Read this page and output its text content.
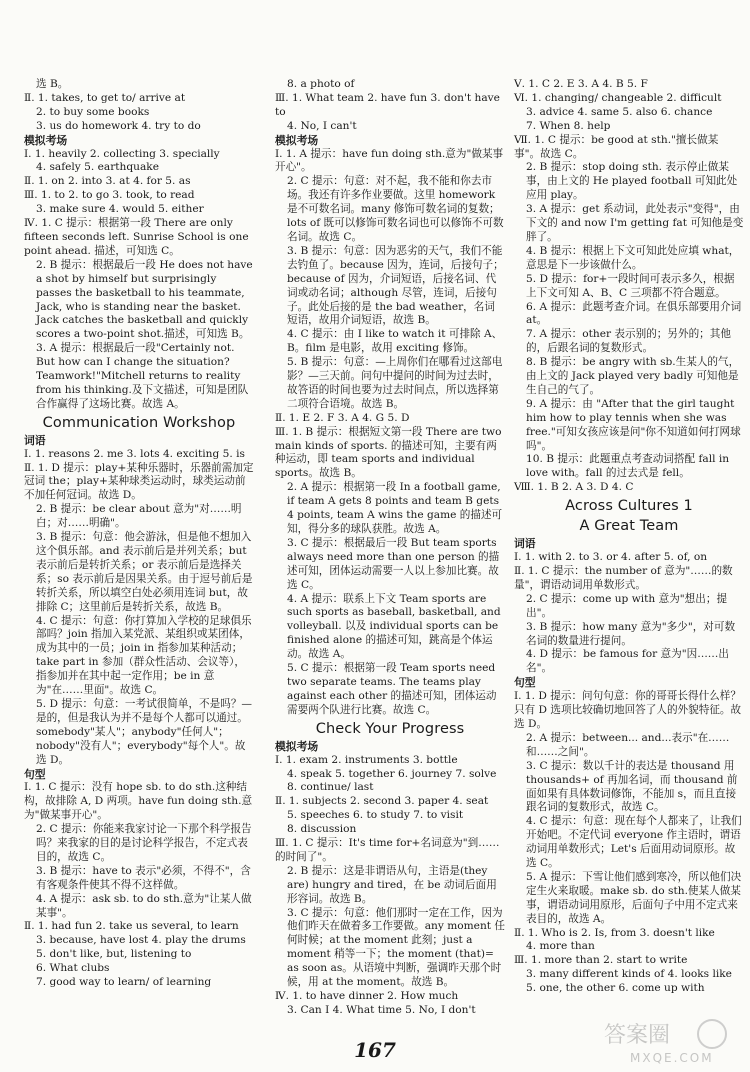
选 B。

Ⅱ. 1. takes, to get to/ arrive at

2. to buy some books

3. us do homework 4. try to do

模拟考场

Ⅰ. 1. heavily 2. collecting 3. specially

4. safely 5. earthquake

Ⅱ. 1. on 2. into 3. at 4. for 5. as

Ⅲ. 1. to 2. to go 3. took, to read

3. make sure 4. would 5. either

Ⅳ. 1. C 提示：根据第一段 There are only fifteen seconds left. Sunrise School is one point ahead. 描述，可知选 C。

2. B 提示：根据最后一段 He does not have a shot by himself but surprisingly passes the basketball to his teammate, Jack, who is standing near the basket. Jack catches the basketball and quickly scores a two-point shot.描述，可知选 B。

3. A 提示：根据最后一段"Certainly not. But how can I change the situation? Teamwork!"Mitchell returns to reality from his thinking.及下文描述，可知是团队合作赢得了这场比赛。故选 A。

Communication Workshop

词语

Ⅰ. 1. reasons 2. me 3. lots 4. exciting 5. is

Ⅱ. 1. D 提示：play+某种乐器时，乐器前需加定冠词 the；play+某种球类运动时，球类运动前不加任何冠词。故选 D。

2. B 提示：be clear about 意为"对……明白；对……明确"。

3. B 提示：句意：他会游泳，但是他不想加入这个俱乐部。and 表示前后是并列关系；but 表示前后是转折关系；or 表示前后是选择关系；so 表示前后是因果关系。由于逗号前后是转折关系，所以填空白处必须用连词 but，故排除 C；这里前后是转折关系，故选 B。

4. C 提示：句意：你打算加入学校的足球俱乐部吗？join 指加入某党派、某组织或某团体，成为其中的一员；join in 指参加某种活动；take part in 参加（群众性活动、会议等），指参加并在其中起一定作用；be in 意为"在……里面"。故选 C。

5. D 提示：句意：一考试很简单，不是吗？—是的，但是我认为并不是每个人都可以通过。somebody"某人"；anybody"任何人"；nobody"没有人"；everybody"每个人"。故选 D。

句型

Ⅰ. 1. C 提示：没有 hope sb. to do sth.这种结构，故排除 A, D 两项。have fun doing sth.意为"做某事开心"。

2. C 提示：你能来我家讨论一下那个科学报告吗？来我家的目的是讨论科学报告，不定式表目的，故选 C。

3. B 提示：have to 表示"必须，不得不"，含有客观条件使其不得不这样做。

4. A 提示：ask sb. to do sth.意为"让某人做某事"。

Ⅱ. 1. had fun 2. take us several, to learn

3. because, have lost 4. play the drums

5. don't like, but, listening to

6. What clubs

7. good way to learn/ of learning

8. a photo of

Ⅲ. 1. What team 2. have fun 3. don't have to

4. No, I can't

模拟考场

Ⅰ. 1. A 提示：have fun doing sth.意为"做某事开心"。

2. C 提示：句意：对不起，我不能和你去市场。我还有许多作业要做。这里 homework 是不可数名词。many 修饰可数名词的复数；lots of 既可以修饰可数名词也可以修饰不可数名词。故选 C。

3. B 提示：句意：因为恶劣的天气，我们不能去钓鱼了。because 因为，连词，后接句子；because of 因为，介词短语，后接名词、代词或动名词；although 尽管，连词，后接句子。此处后接的是 the bad weather，名词短语，故用介词短语，故选 B。

4. C 提示：由 I like to watch it 可排除 A、B。film 是电影，故用 exciting 修饰。

5. B 提示：句意：—上周你们在哪看过这部电影？—三天前。问句中提问的时间为过去时，故答语的时间也要为过去时间点，所以选择第二项符合语境。故选 B。

Ⅱ. 1. E 2. F 3. A 4. G 5. D

Ⅲ. 1. B 提示：根据短文第一段 There are two main kinds of sports. 的描述可知，主要有两种运动，即 team sports and individual sports。故选 B。

2. A 提示：根据第一段 In a football game, if team A gets 8 points and team B gets 4 points, team A wins the game 的描述可知，得分多的球队获胜。故选 A。

3. C 提示：根据最后一段 But team sports always need more than one person 的描述可知，团体运动需要一人以上参加比赛。故选 C。

4. A 提示：联系上下文 Team sports are such sports as baseball, basketball, and volleyball. 以及 individual sports can be finished alone 的描述可知，跳高是个体运动。故选 A。

5. C 提示：根据第一段 Team sports need two separate teams. The teams play against each other 的描述可知，团体运动需要两个队进行比赛。故选 C。

Check Your Progress

模拟考场

Ⅰ. 1. exam 2. instruments 3. bottle

4. speak 5. together 6. journey 7. solve

8. continue/ last

Ⅱ. 1. subjects 2. second 3. paper 4. seat

5. speeches 6. to study 7. to visit

8. discussion

Ⅲ. 1. C 提示：It's time for+名词意为"到……的时间了"。

2. B 提示：这是非谓语从句，主语是(they are) hungry and tired，在 be 动词后面用形容词。故选 B。

3. C 提示：句意：他们那时一定在工作，因为他们昨天在做着多工作要做。any moment 任何时候；at the moment 此刻；just a moment 稍等一下；the moment (that)= as soon as。从语境中判断，强调昨天那个时候，用 at the moment。故选 B。

Ⅳ. 1. to have dinner 2. How much

3. Can I 4. What time 5. No, I don't

Ⅴ. 1. C 2. E 3. A 4. B 5. F

Ⅵ. 1. changing/ changeable 2. difficult

3. advice 4. same 5. also 6. chance

7. When 8. help

Ⅶ. 1. C 提示：be good at sth."擅长做某事"。故选 C。

2. B 提示：stop doing sth. 表示停止做某事，由上文的 He played football 可知此处应用 play。

3. A 提示：get 系动词，此处表示"变得"，由下文的 and now I'm getting fat 可知他是变胖了。

4. B 提示：根据上下文可知此处应填 what，意思是下一步该做什么。

5. D 提示：for+一段时间可表示多久，根据上下文可知 A、B、C 三项都不符合题意。

6. A 提示：此题考查介词。在俱乐部要用介词 at。

7. A 提示：other 表示别的；另外的；其他的，后跟名词的复数形式。

8. B 提示：be angry with sb.生某人的气，由上文的 Jack played very badly 可知他是生自己的气了。

9. A 提示：由 "After that the girl taught him how to play tennis when she was free."可知女孩应该是问"你不知道如何打网球吗"。

10. B 提示：此题重点考查动词搭配 fall in love with。fall 的过去式是 fell。

Ⅷ. 1. B 2. A 3. D 4. C

Across Cultures 1

A Great Team

词语

Ⅰ. 1. with 2. to 3. or 4. after 5. of, on

Ⅱ. 1. C 提示：the number of 意为"……的数量"，谓语动词用单数形式。

2. C 提示：come up with 意为"想出；提出"。

3. B 提示：how many 意为"多少"，对可数名词的数量进行提问。

4. D 提示：be famous for 意为"因……出名"。

句型

Ⅰ. 1. D 提示：问句句意：你的哥哥长得什么样？只有 D 选项比较确切地回答了人的外貌特征。故选 D。

2. A 提示：between... and...表示"在……和……之间"。

3. C 提示：数以千计的表达是 thousand 用 thousands+ of 再加名词，而 thousand 前面如果有具体数词修饰，不能加 s，而且直接跟名词的复数形式，故选 C。

4. C 提示：句意：现在每个人都来了，让我们开始吧。不定代词 everyone 作主语时，谓语动词用单数形式；Let's 后面用动词原形。故选 C。

5. A 提示：下雪让他们感到寒冷，所以他们决定生火来取暖。make sb. do sth.使某人做某事，谓语动词用原形，后面句子中用不定式来表目的，故选 A。

Ⅱ. 1. Who is 2. Is, from 3. doesn't like

4. more than

Ⅲ. 1. more than 2. start to write

3. many different kinds of 4. looks like

5. one, the other 6. come up with

167
答案圈
MXQE.COM
